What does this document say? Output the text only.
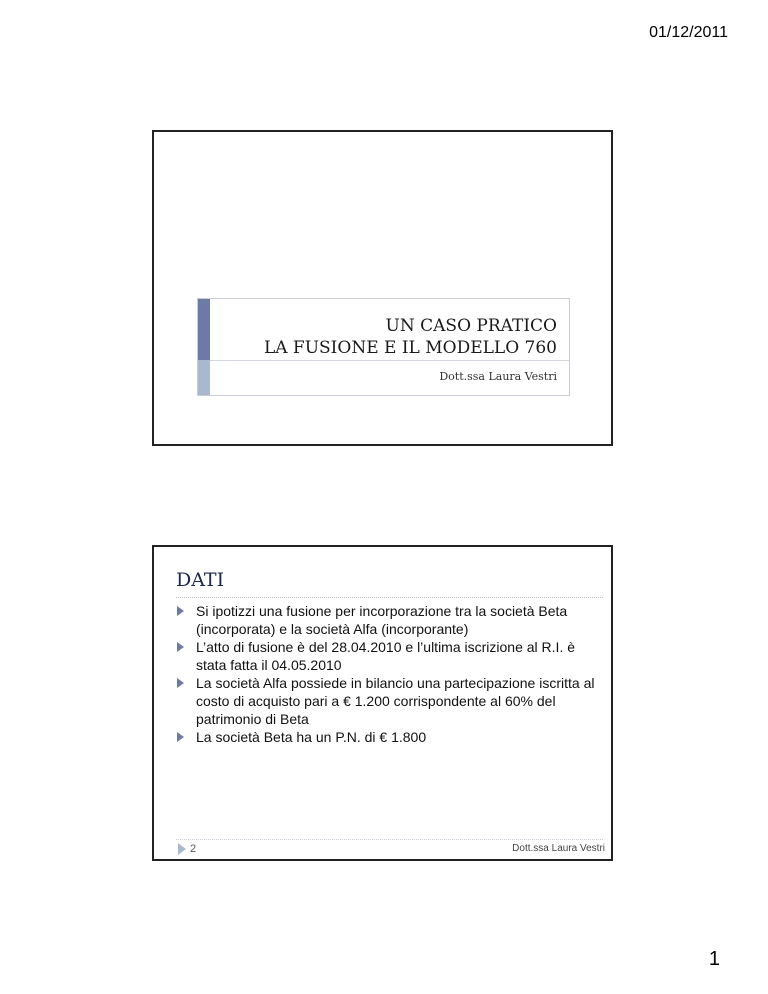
01/12/2011
UN CASO PRATICO
LA FUSIONE E IL MODELLO 760
Dott.ssa Laura Vestri
DATI
Si ipotizzi una fusione per incorporazione tra la società Beta (incorporata) e la società Alfa (incorporante)
L’atto di fusione è del 28.04.2010 e l’ultima iscrizione al R.I. è stata fatta il 04.05.2010
La società Alfa possiede in bilancio una partecipazione iscritta al costo di acquisto pari a € 1.200 corrispondente al 60% del patrimonio di Beta
La società Beta ha un P.N. di € 1.800
2	Dott.ssa Laura Vestri
1
